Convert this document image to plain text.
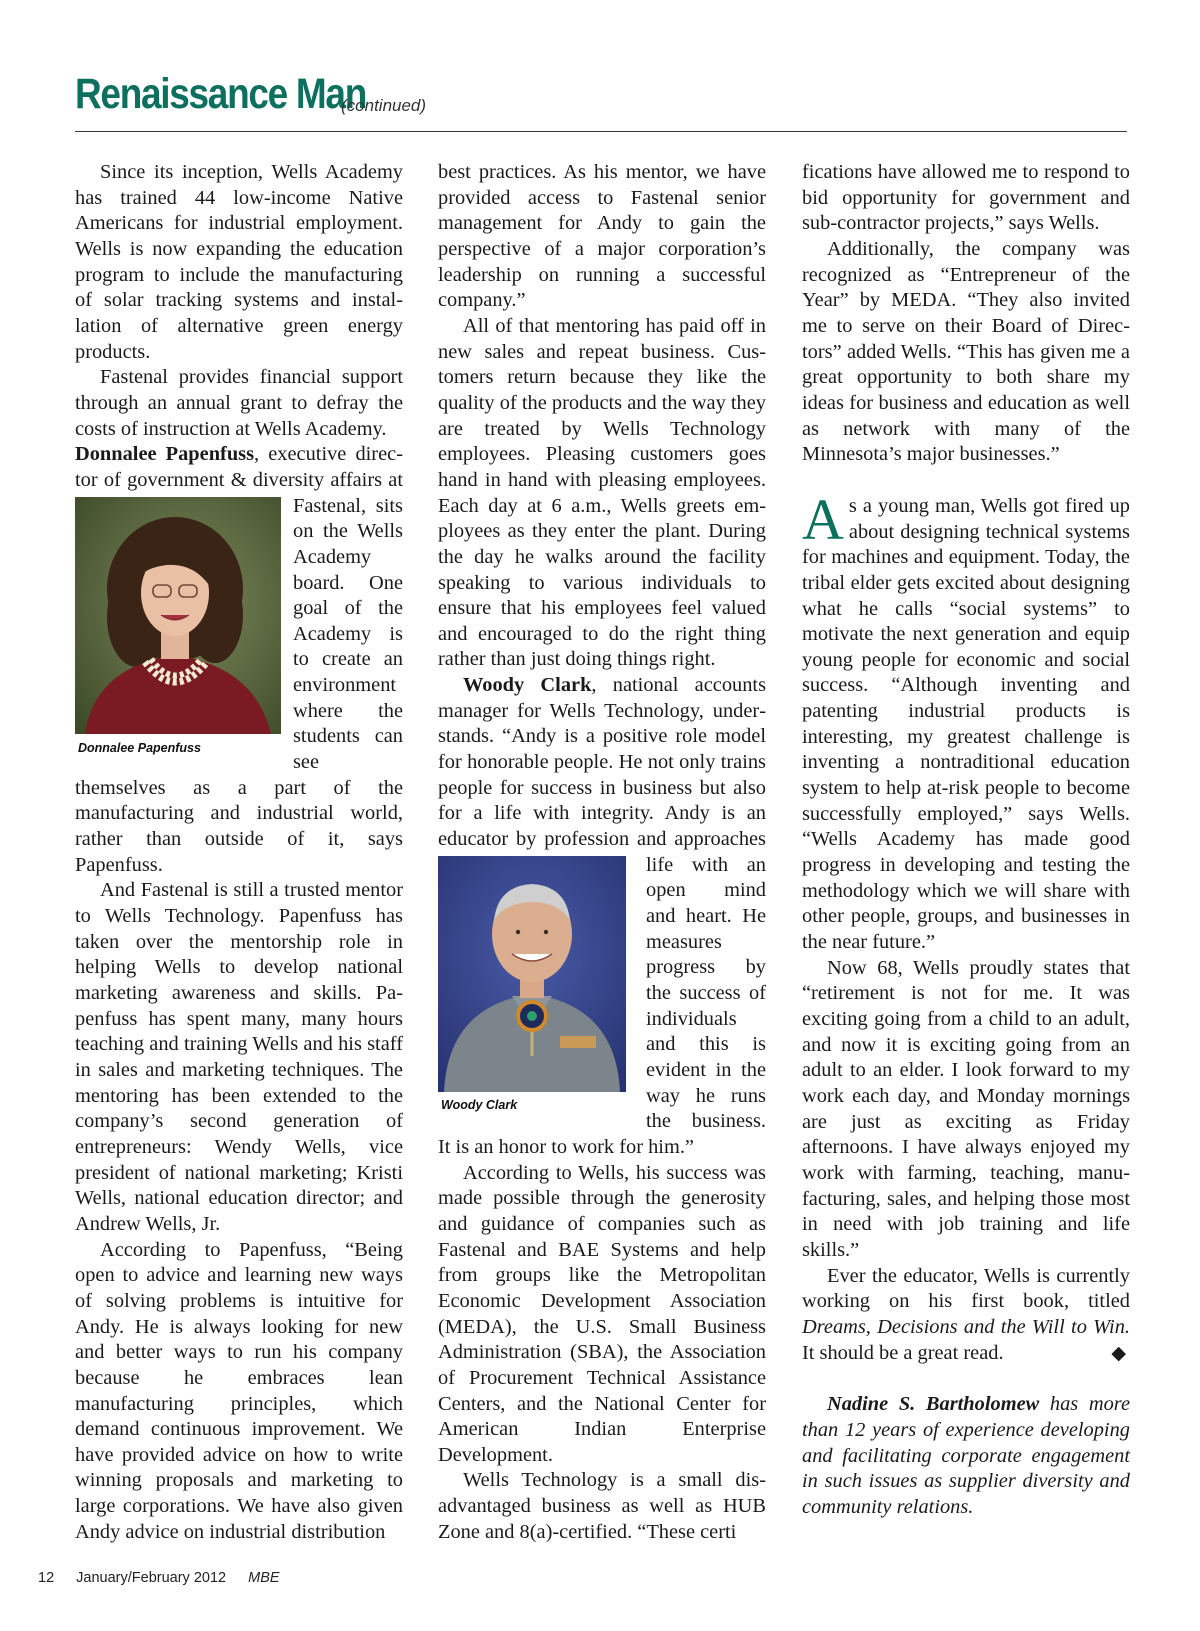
Renaissance Man
(continued)

Since its inception, Wells Academy has trained 44 low-income Native Americans for industrial employment. Wells is now expanding the education program to include the manufacturing of solar tracking systems and installation of alternative green energy products.

Fastenal provides financial support through an annual grant to defray the costs of instruction at Wells Academy.

Donnalee Papenfuss, executive director of government & diversity affairs
Donnalee Papenfuss
at Fastenal, sits on the Wells Academy board. One goal of the Academy is to create an environment where the students can see themselves as a part of the manufacturing and industrial world, rather than outside of it, says Papenfuss.

And Fastenal is still a trusted mentor to Wells Technology. Papenfuss has taken over the mentorship role in helping Wells to develop national marketing awareness and skills. Papenfuss has spent many, many hours teaching and training Wells and his staff in sales and marketing techniques. The mentoring has been extended to the company’s second generation of entrepreneurs: Wendy Wells, vice president of national marketing; Kristi Wells, national education director; and Andrew Wells, Jr.

According to Papenfuss, “Being open to advice and learning new ways of solving problems is intuitive for Andy. He is always looking for new and better ways to run his company because he embraces lean manufacturing principles, which demand continuous improvement. We have provided advice on how to write winning proposals and marketing to large corporations. We have also given Andy advice on industrial distribution

best practices. As his mentor, we have provided access to Fastenal senior management for Andy to gain the perspective of a major corporation’s leadership on running a successful company.”

All of that mentoring has paid off in new sales and repeat business. Customers return because they like the quality of the products and the way they are treated by Wells Technology employees. Pleasing customers goes hand in hand with pleasing employees. Each day at 6 a.m., Wells greets employees as they enter the plant. During the day he walks around the facility speaking to various individuals to ensure that his employees feel valued and encouraged to do the right thing rather than just doing things right.

Woody Clark, national accounts manager for Wells Technology, understands. “Andy is a positive role model for honorable people. He not only trains people for success in business but also for a life with integrity. Andy is an educator by profession and ap
Woody Clark
proaches life with an open mind and heart. He measures progress by the success of individuals and this is evident in the way he runs the business. It is an honor to work for him.”

According to Wells, his success was made possible through the generosity and guidance of companies such as Fastenal and BAE Systems and help from groups like the Metropolitan Economic Development Association (MEDA), the U.S. Small Business Administration (SBA), the Association of Procurement Technical Assistance Centers, and the National Center for American Indian Enterprise Development.

Wells Technology is a small disadvantaged business as well as HUB Zone and 8(a)-certified. “These certi

fications have allowed me to respond to bid opportunity for government and sub-contractor projects,” says Wells.

Additionally, the company was recognized as “Entrepreneur of the Year” by MEDA. “They also invited me to serve on their Board of Directors” added Wells. “This has given me a great opportunity to both share my ideas for business and education as well as network with many of the Minnesota’s major businesses.”

As a young man, Wells got fired up about designing technical systems for machines and equipment. Today, the tribal elder gets excited about designing what he calls “social systems” to motivate the next generation and equip young people for economic and social success. “Although inventing and patenting industrial products is interesting, my greatest challenge is inventing a nontraditional education system to help at-risk people to become successfully employed,” says Wells. “Wells Academy has made good progress in developing and testing the methodology which we will share with other people, groups, and businesses in the near future.”

Now 68, Wells proudly states that “retirement is not for me. It was exciting going from a child to an adult, and now it is exciting going from an adult to an elder. I look forward to my work each day, and Monday mornings are just as exciting as Friday afternoons. I have always enjoyed my work with farming, teaching, manufacturing, sales, and helping those most in need with job training and life skills.”

Ever the educator, Wells is currently working on his first book, titled Dreams, Decisions and the Will to Win. It should be a great read.	◆

Nadine S. Bartholomew has more than 12 years of experience developing and facilitating corporate engagement in such issues as supplier diversity and community relations.

12 January/February 2012 MBE
